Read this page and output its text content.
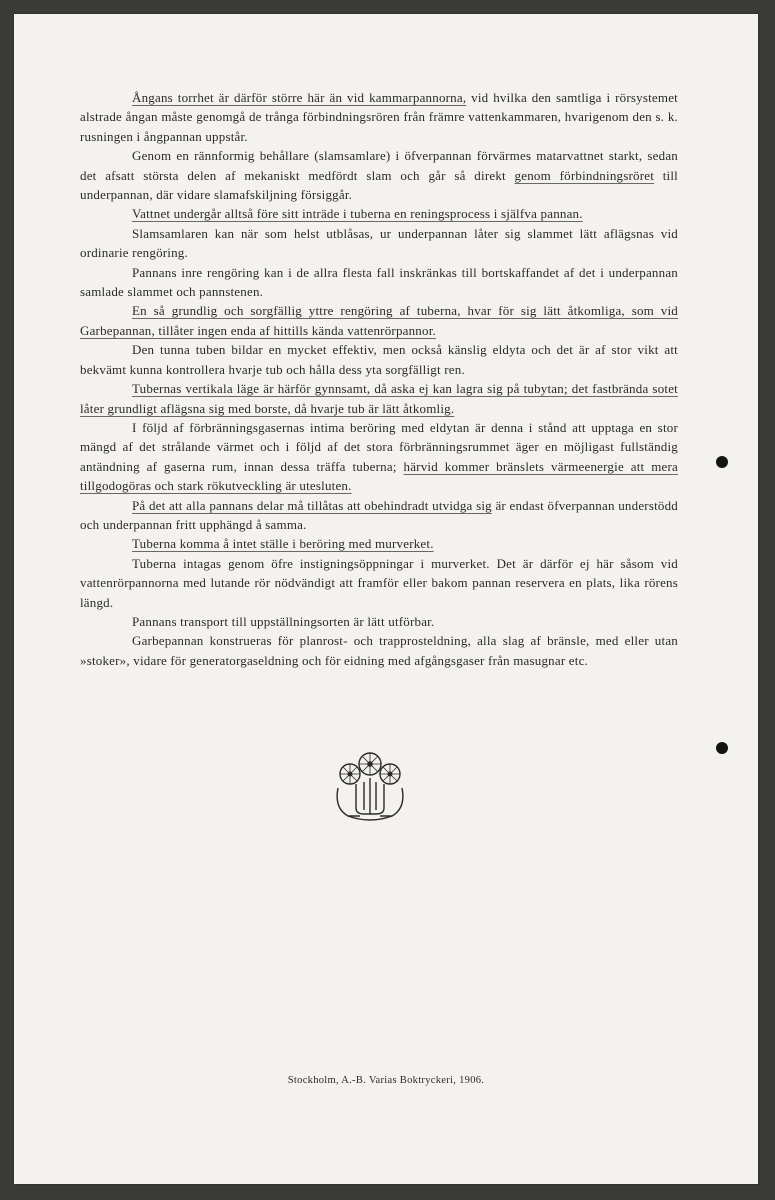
Ångans torrhet är därför större här än vid kammarpannorna, vid hvilka den samtliga i rörsystemet alstrade ångan måste genomgå de trånga förbindningsrören från främre vattenkammaren, hvarigenom den s. k. rusningen i ångpannan uppstår.

Genom en rännformig behållare (slamsamlare) i öfverpannan förvärmes matarvattnet starkt, sedan det afsatt största delen af mekaniskt medfördt slam och går så direkt genom förbindningsröret till underpannan, där vidare slamafskiljning försiggår.

Vattnet undergår alltså före sitt inträde i tuberna en reningsprocess i själfva pannan.

Slamsamlaren kan när som helst utblåsas, ur underpannan låter sig slammet lätt aflägsnas vid ordinarie rengöring.

Pannans inre rengöring kan i de allra flesta fall inskränkas till bortskaffandet af det i underpannan samlade slammet och pannstenen.

En så grundlig och sorgfällig yttre rengöring af tuberna, hvar för sig lätt åtkomliga, som vid Garbepannan, tillåter ingen enda af hittills kända vattenrörpannor.

Den tunna tuben bildar en mycket effektiv, men också känslig eldyta och det är af stor vikt att bekvämt kunna kontrollera hvarje tub och hålla dess yta sorgfälligt ren.

Tubernas vertikala läge är härför gynnsamt, då aska ej kan lagra sig på tubytan; det fastbrända sotet låter grundligt aflägsna sig med borste, då hvarje tub är lätt åtkomlig.

I följd af förbränningsgasernas intima beröring med eldytan är denna i stånd att upptaga en stor mängd af det strålande värmet och i följd af det stora förbränningsrummet äger en möjligast fullständig antändning af gaserna rum, innan dessa träffa tuberna; härvid kommer bränslets värmeenergie att mera tillgodogöras och stark rökutveckling är utesluten.

På det att alla pannans delar må tillåtas att obehindradt utvidga sig är endast öfverpannan understödd och underpannan fritt upphängd å samma.

Tuberna komma å intet ställe i beröring med murverket.

Tuberna intagas genom öfre instigningsöppningar i murverket. Det är därför ej här såsom vid vattenrörpannorna med lutande rör nödvändigt att framför eller bakom pannan reservera en plats, lika rörens längd.

Pannans transport till uppställningsorten är lätt utförbar.

Garbepannan konstrueras för planrost- och trapprosteldning, alla slag af bränsle, med eller utan »stoker», vidare för generatorgaseldning och för eidning med afgångsgaser från masugnar etc.

Stockholm, A.-B. Varias Boktryckeri, 1906.
